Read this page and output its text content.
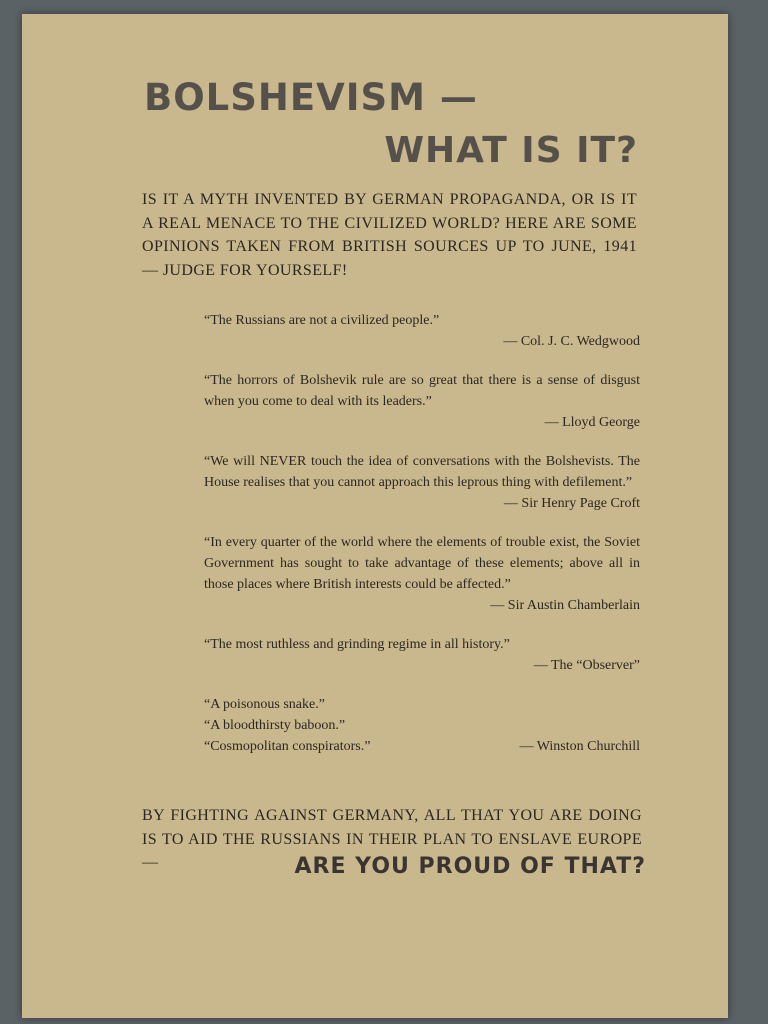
BOLSHEVISM —
WHAT IS IT?
IS IT A MYTH INVENTED BY GERMAN PROPAGANDA, OR IS IT A REAL MENACE TO THE CIVILIZED WORLD? HERE ARE SOME OPINIONS TAKEN FROM BRITISH SOURCES UP TO JUNE, 1941 — JUDGE FOR YOURSELF!
“The Russians are not a civilized people.”
— Col. J. C. Wedgwood
“The horrors of Bolshevik rule are so great that there is a sense of disgust when you come to deal with its leaders.”
— Lloyd George
“We will NEVER touch the idea of conversations with the Bolshevists. The House realises that you cannot approach this leprous thing with defilement.”
— Sir Henry Page Croft
“In every quarter of the world where the elements of trouble exist, the Soviet Government has sought to take advantage of these elements; above all in those places where British interests could be affected.”
— Sir Austin Chamberlain
“The most ruthless and grinding regime in all history.”
— The “Observer”
“A poisonous snake.”
“A bloodthirsty baboon.”
“Cosmopolitan conspirators.”	— Winston Churchill
BY FIGHTING AGAINST GERMANY, ALL THAT YOU ARE DOING IS TO AID THE RUSSIANS IN THEIR PLAN TO ENSLAVE EUROPE —	ARE YOU PROUD OF THAT?
